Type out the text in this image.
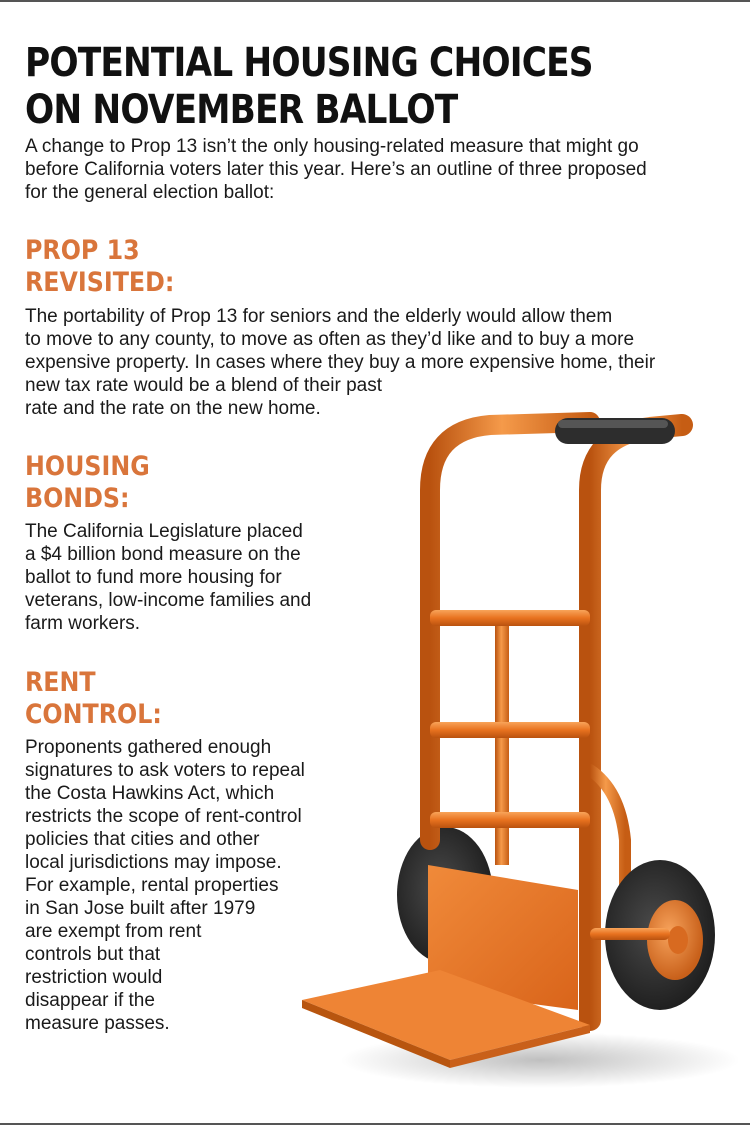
POTENTIAL HOUSING CHOICES
ON NOVEMBER BALLOT

A change to Prop 13 isn’t the only housing-related measure that might go
before California voters later this year. Here’s an outline of three proposed
for the general election ballot:

PROP 13
REVISITED:

The portability of Prop 13 for seniors and the elderly would allow them
to move to any county, to move as often as they’d like and to buy a more
expensive property. In cases where they buy a more expensive home, their
new tax rate would be a blend of their past
rate and the rate on the new home.

HOUSING
BONDS:

The California Legislature placed
a $4 billion bond measure on the
ballot to fund more housing for
veterans, low-income families and
farm workers.

RENT
CONTROL:

Proponents gathered enough
signatures to ask voters to repeal
the Costa Hawkins Act, which
restricts the scope of rent-control
policies that cities and other
local jurisdictions may impose.
For example, rental properties
in San Jose built after 1979
are exempt from rent
controls but that
restriction would
disappear if the
measure passes.
